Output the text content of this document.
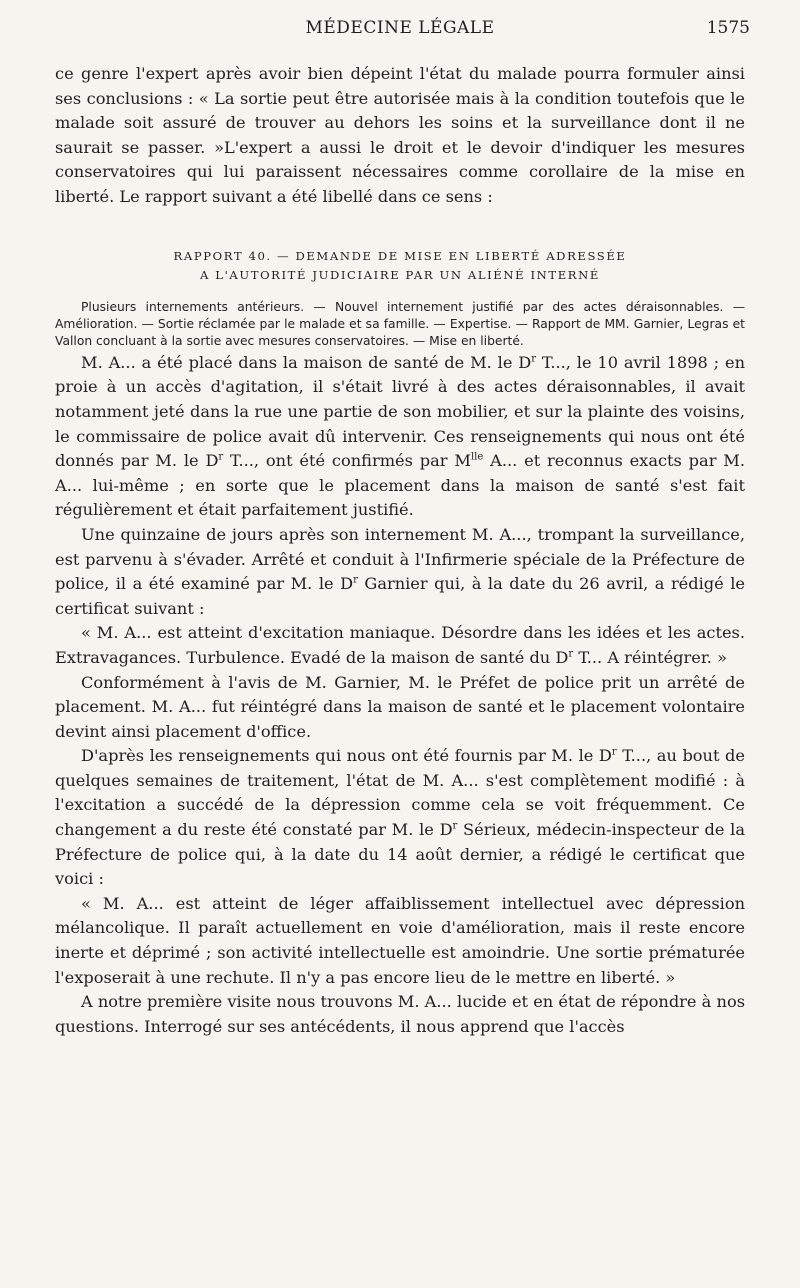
MÉDECINE LÉGALE	1575

ce genre l'expert après avoir bien dépeint l'état du malade pourra formuler ainsi ses conclusions : « La sortie peut être autorisée mais à la condition toutefois que le malade soit assuré de trouver au dehors les soins et la surveillance dont il ne saurait se passer. »L'expert a aussi le droit et le devoir d'indiquer les mesures conservatoires qui lui paraissent nécessaires comme corollaire de la mise en liberté. Le rapport suivant a été libellé dans ce sens :

RAPPORT 40. — DEMANDE DE MISE EN LIBERTÉ ADRESSÉE
A L'AUTORITÉ JUDICIAIRE PAR UN ALIÉNÉ INTERNÉ

Plusieurs internements antérieurs. — Nouvel internement justifié par des actes déraisonnables. — Amélioration. — Sortie réclamée par le malade et sa famille. — Expertise. — Rapport de MM. Garnier, Legras et Vallon concluant à la sortie avec mesures conservatoires. — Mise en liberté.

M. A... a été placé dans la maison de santé de M. le $D^r$ T..., le 10 avril 1898 ; en proie à un accès d'agitation, il s'était livré à des actes déraisonnables, il avait notamment jeté dans la rue une partie de son mobilier, et sur la plainte des voisins, le commissaire de police avait dû intervenir. Ces renseignements qui nous ont été donnés par M. le $D^r$ T..., ont été confirmés par $M^{lle}$ A... et reconnus exacts par M. A... lui-même ; en sorte que le placement dans la maison de santé s'est fait régulièrement et était parfaitement justifié.

Une quinzaine de jours après son internement M. A..., trompant la surveillance, est parvenu à s'évader. Arrêté et conduit à l'Infirmerie spéciale de la Préfecture de police, il a été examiné par M. le $D^r$ Garnier qui, à la date du 26 avril, a rédigé le certificat suivant :

« M. A... est atteint d'excitation maniaque. Désordre dans les idées et les actes. Extravagances. Turbulence. Evadé de la maison de santé du $D^r$ T... A réintégrer. »

Conformément à l'avis de M. Garnier, M. le Préfet de police prit un arrêté de placement. M. A... fut réintégré dans la maison de santé et le placement volontaire devint ainsi placement d'office.

D'après les renseignements qui nous ont été fournis par M. le $D^r$ T..., au bout de quelques semaines de traitement, l'état de M. A... s'est complètement modifié : à l'excitation a succédé de la dépression comme cela se voit fréquemment. Ce changement a du reste été constaté par M. le $D^r$ Sérieux, médecin-inspecteur de la Préfecture de police qui, à la date du 14 août dernier, a rédigé le certificat que voici :

« M. A... est atteint de léger affaiblissement intellectuel avec dépression mélancolique. Il paraît actuellement en voie d'amélioration, mais il reste encore inerte et déprimé ; son activité intellectuelle est amoindrie. Une sortie prématurée l'exposerait à une rechute. Il n'y a pas encore lieu de le mettre en liberté. »

A notre première visite nous trouvons M. A... lucide et en état de répondre à nos questions. Interrogé sur ses antécédents, il nous apprend que l'accès
